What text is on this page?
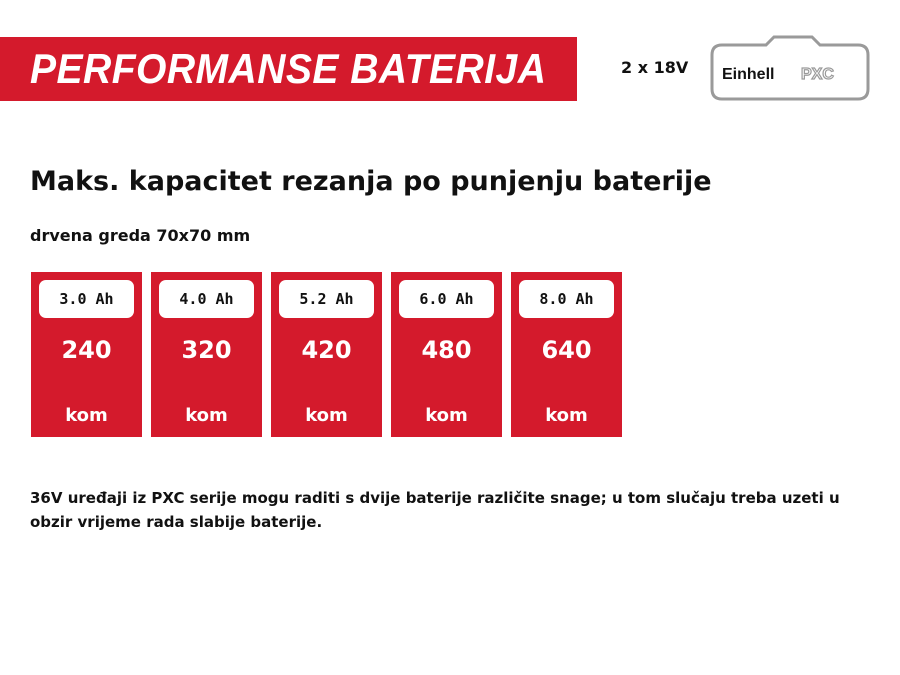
PERFORMANSE BATERIJA	2 x 18V Einhell PXC
Maks. kapacitet rezanja po punjenju baterije
drvena greda 70x70 mm
3.0 Ah
240
kom
4.0 Ah
320
kom
5.2 Ah
420
kom
6.0 Ah
480
kom
8.0 Ah
640
kom
36V uređaji iz PXC serije mogu raditi s dvije baterije različite snage; u tom slučaju treba uzeti u obzir vrijeme rada slabije baterije.
